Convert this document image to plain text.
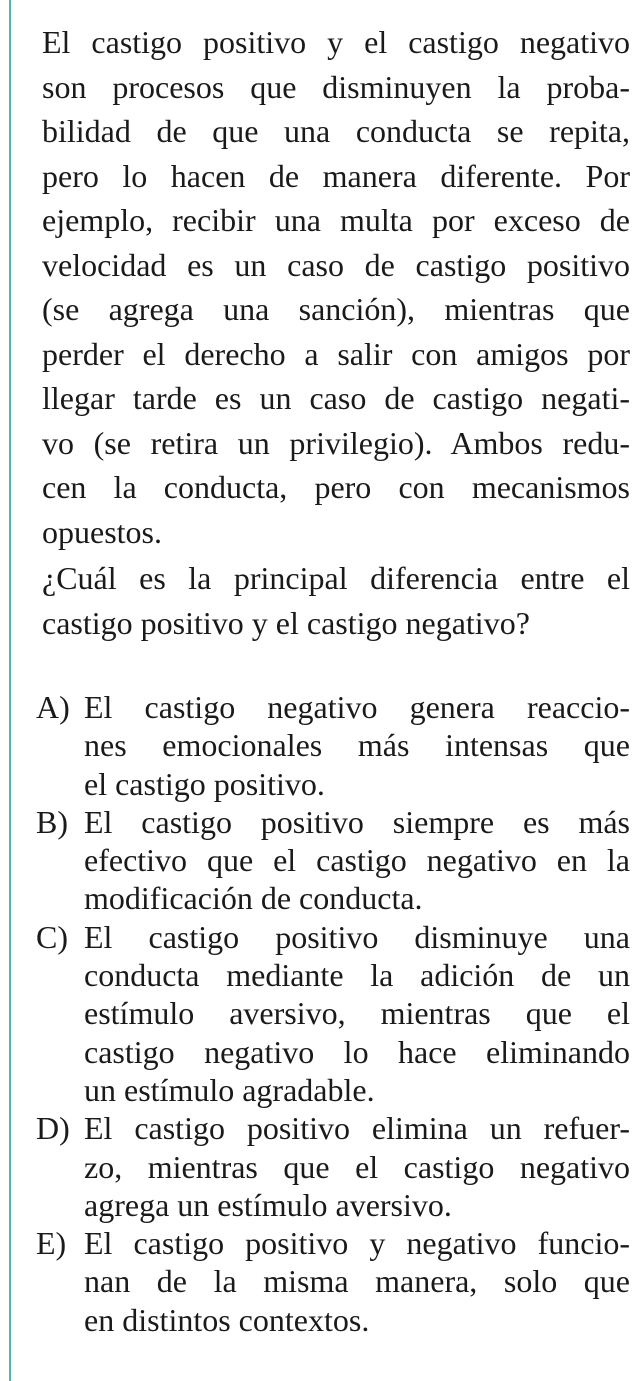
El castigo positivo y el castigo negativo
son procesos que disminuyen la proba-
bilidad de que una conducta se repita,
pero lo hacen de manera diferente. Por
ejemplo, recibir una multa por exceso de
velocidad es un caso de castigo positivo
(se agrega una sanción), mientras que
perder el derecho a salir con amigos por
llegar tarde es un caso de castigo negati-
vo (se retira un privilegio). Ambos redu-
cen la conducta, pero con mecanismos
opuestos.
¿Cuál es la principal diferencia entre el
castigo positivo y el castigo negativo?
A) El castigo negativo genera reaccio-
nes emocionales más intensas que
el castigo positivo.
B) El castigo positivo siempre es más
efectivo que el castigo negativo en la
modificación de conducta.
C) El castigo positivo disminuye una
conducta mediante la adición de un
estímulo aversivo, mientras que el
castigo negativo lo hace eliminando
un estímulo agradable.
D) El castigo positivo elimina un refuer-
zo, mientras que el castigo negativo
agrega un estímulo aversivo.
E) El castigo positivo y negativo funcio-
nan de la misma manera, solo que
en distintos contextos.
